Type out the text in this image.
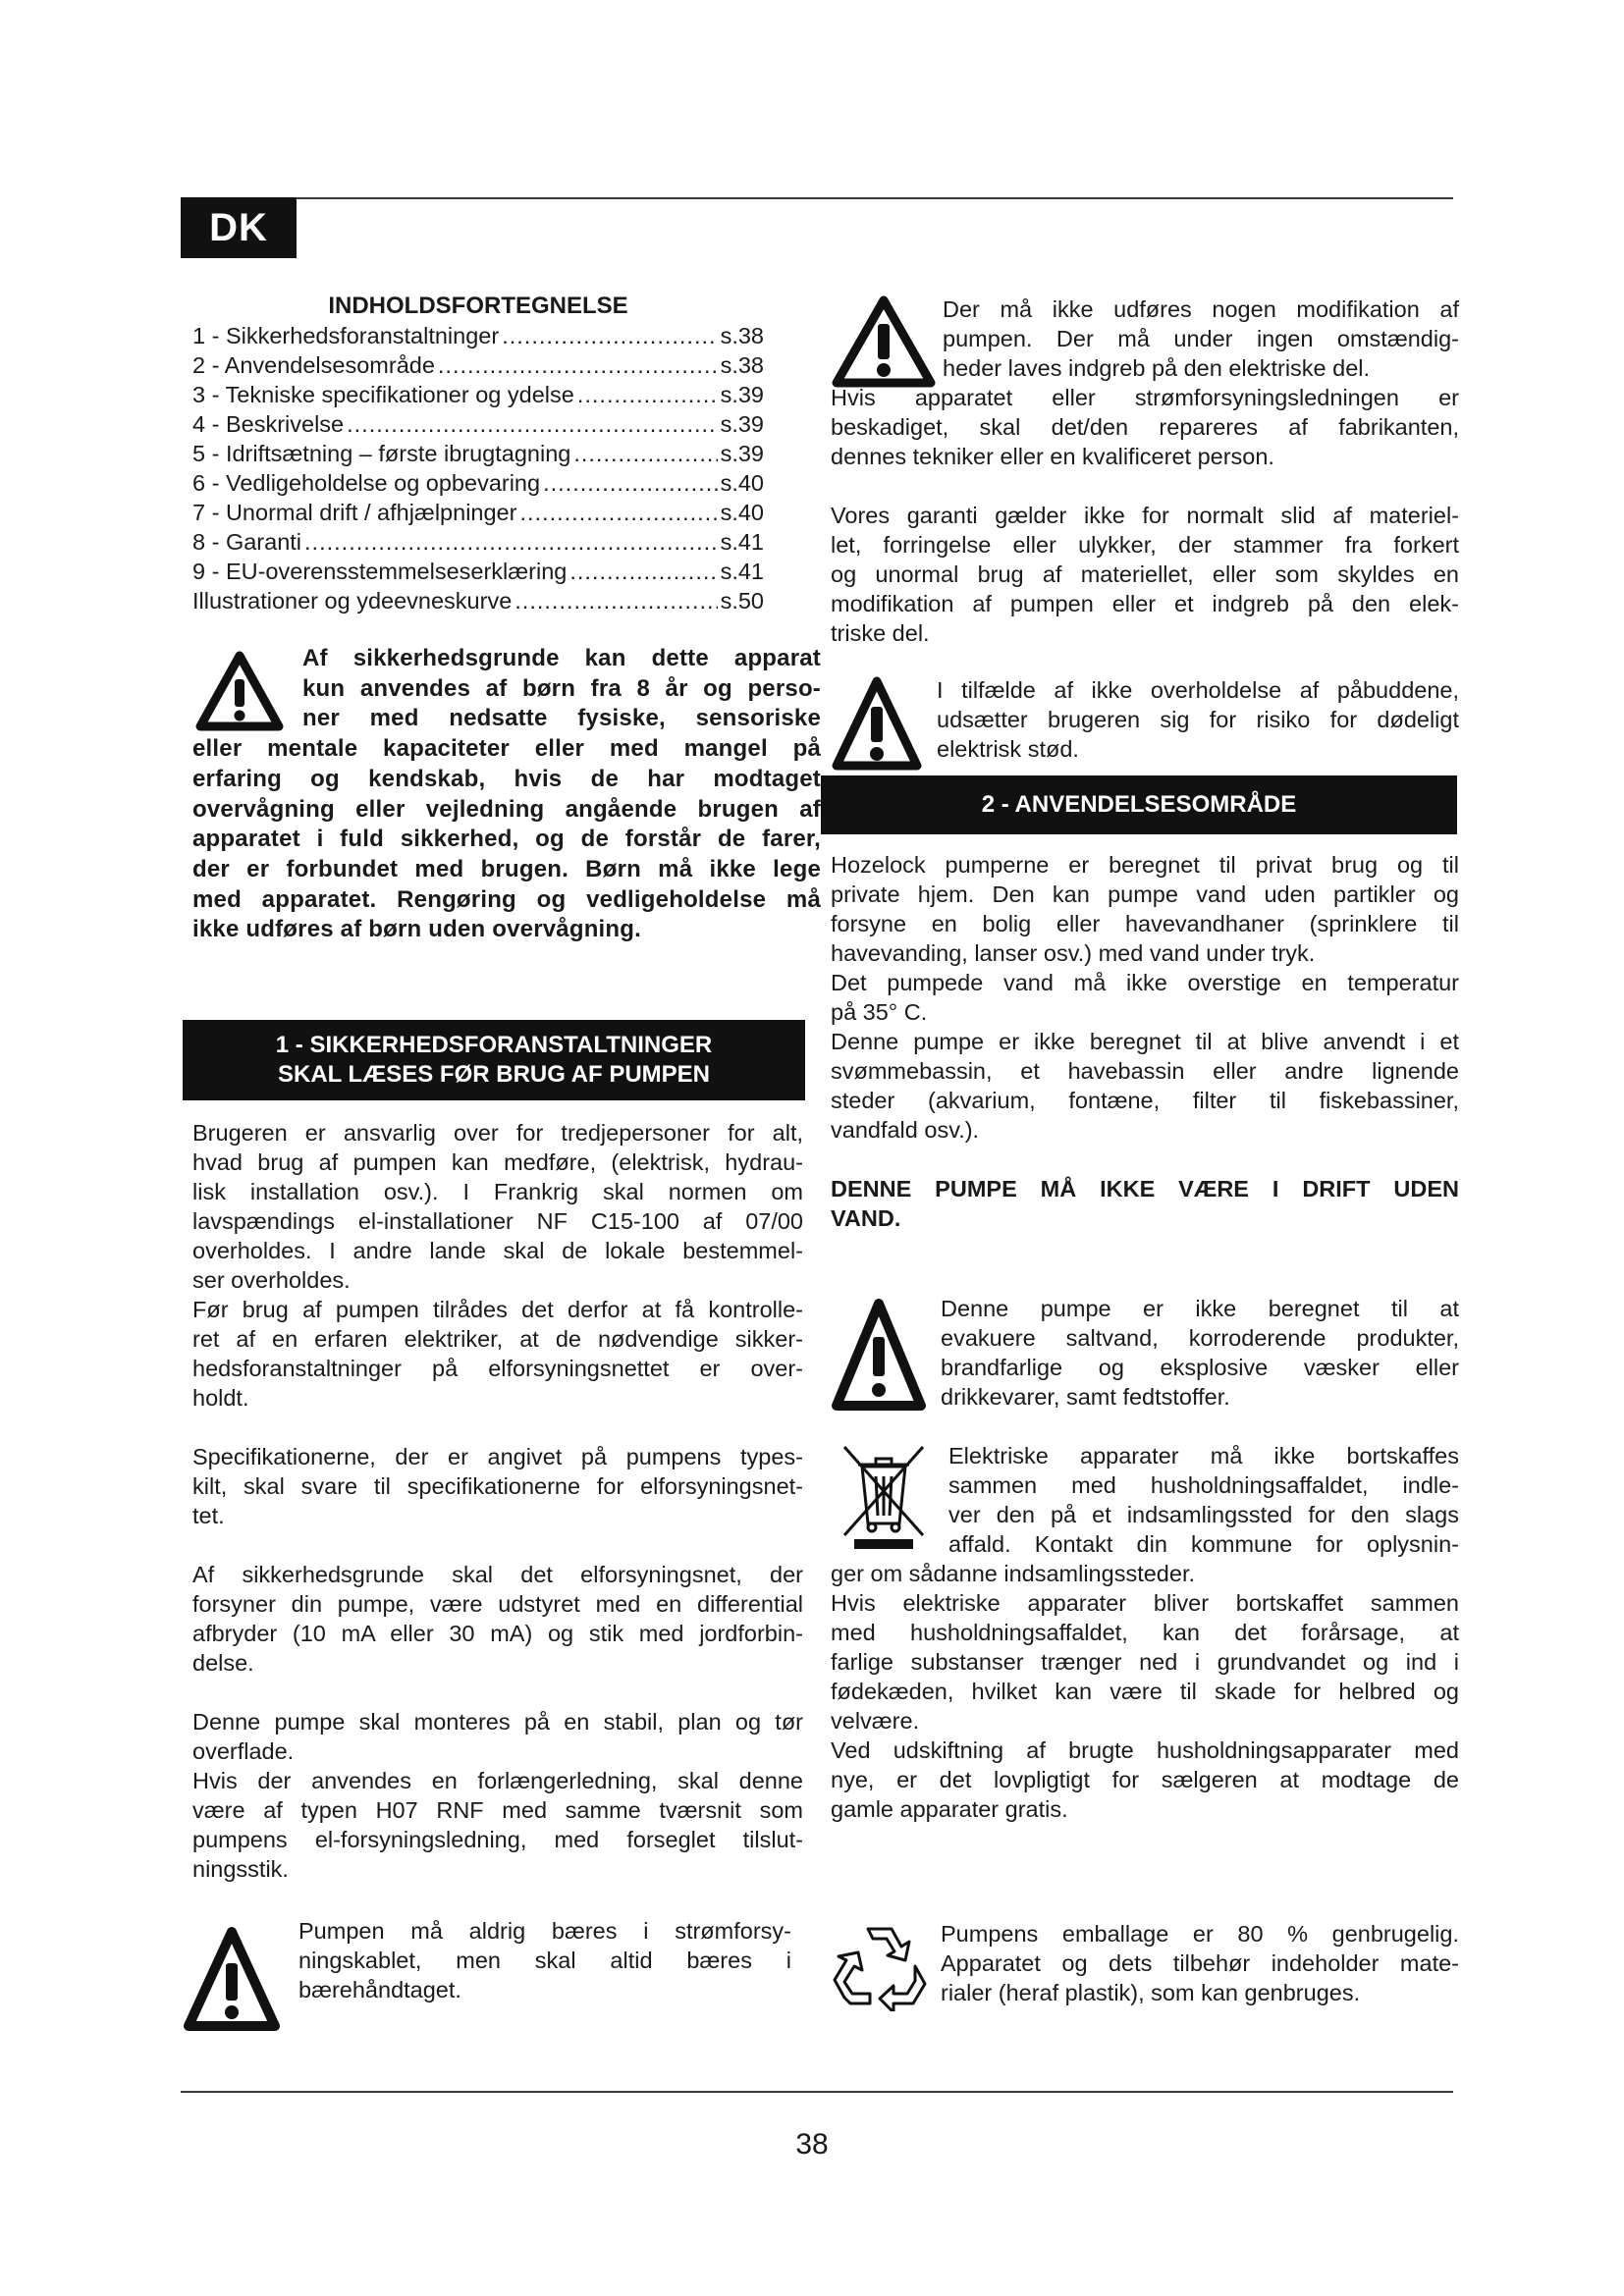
DK
INDHOLDSFORTEGNELSE
1 - Sikkerhedsforanstaltninger .....	s.38
2 - Anvendelsesområde .....	s.38
3 - Tekniske specifikationer og ydelse .....	s.39
4 - Beskrivelse .....	s.39
5 - Idriftsætning – første ibrugtagning .....	s.39
6 - Vedligeholdelse og opbevaring .....	s.40
7 - Unormal drift / afhjælpninger .....	s.40
8 - Garanti .....	s.41
9 - EU-overensstemmelseserklæring .....	s.41
Illustrationer og ydeevneskurve .....	s.50
Af sikkerhedsgrunde kan dette apparat
kun anvendes af børn fra 8 år og perso-
ner med nedsatte fysiske, sensoriske
eller mentale kapaciteter eller med mangel på
erfaring og kendskab, hvis de har modtaget
overvågning eller vejledning angående brugen af
apparatet i fuld sikkerhed, og de forstår de farer,
der er forbundet med brugen. Børn må ikke lege
med apparatet. Rengøring og vedligeholdelse må
ikke udføres af børn uden overvågning.
1 - SIKKERHEDSFORANSTALTNINGER
SKAL LÆSES FØR BRUG AF PUMPEN
Brugeren er ansvarlig over for tredjepersoner for alt,
hvad brug af pumpen kan medføre, (elektrisk, hydrau-
lisk installation osv.). I Frankrig skal normen om
lavspændings el-installationer NF C15-100 af 07/00
overholdes. I andre lande skal de lokale bestemmel-
ser overholdes.
Før brug af pumpen tilrådes det derfor at få kontrolle-
ret af en erfaren elektriker, at de nødvendige sikker-
hedsforanstaltninger på elforsyningsnettet er over-
holdt.
Specifikationerne, der er angivet på pumpens types-
kilt, skal svare til specifikationerne for elforsyningsnet-
tet.
Af sikkerhedsgrunde skal det elforsyningsnet, der
forsyner din pumpe, være udstyret med en differential
afbryder (10 mA eller 30 mA) og stik med jordforbin-
delse.
Denne pumpe skal monteres på en stabil, plan og tør
overflade.
Hvis der anvendes en forlængerledning, skal denne
være af typen H07 RNF med samme tværsnit som
pumpens el-forsyningsledning, med forseglet tilslut-
ningsstik.
Pumpen må aldrig bæres i strømforsy-
ningskablet, men skal altid bæres i
bærehåndtaget.
Der må ikke udføres nogen modifikation af
pumpen. Der må under ingen omstændig-
heder laves indgreb på den elektriske del.
Hvis apparatet eller strømforsyningsledningen er
beskadiget, skal det/den repareres af fabrikanten,
dennes tekniker eller en kvalificeret person.
Vores garanti gælder ikke for normalt slid af materiel-
let, forringelse eller ulykker, der stammer fra forkert
og unormal brug af materiellet, eller som skyldes en
modifikation af pumpen eller et indgreb på den elek-
triske del.
I tilfælde af ikke overholdelse af påbuddene,
udsætter brugeren sig for risiko for dødeligt
elektrisk stød.
2 - ANVENDELSESOMRÅDE
Hozelock pumperne er beregnet til privat brug og til
private hjem. Den kan pumpe vand uden partikler og
forsyne en bolig eller havevandhaner (sprinklere til
havevanding, lanser osv.) med vand under tryk.
Det pumpede vand må ikke overstige en temperatur
på 35° C.
Denne pumpe er ikke beregnet til at blive anvendt i et
svømmebassin, et havebassin eller andre lignende
steder (akvarium, fontæne, filter til fiskebassiner,
vandfald osv.).
DENNE PUMPE MÅ IKKE VÆRE I DRIFT UDEN
VAND.
Denne pumpe er ikke beregnet til at
evakuere saltvand, korroderende produkter,
brandfarlige og eksplosive væsker eller
drikkevarer, samt fedtstoffer.
Elektriske apparater må ikke bortskaffes
sammen med husholdningsaffaldet, indle-
ver den på et indsamlingssted for den slags
affald. Kontakt din kommune for oplysnin-
ger om sådanne indsamlingssteder.
Hvis elektriske apparater bliver bortskaffet sammen
med husholdningsaffaldet, kan det forårsage, at
farlige substanser trænger ned i grundvandet og ind i
fødekæden, hvilket kan være til skade for helbred og
velvære.
Ved udskiftning af brugte husholdningsapparater med
nye, er det lovpligtigt for sælgeren at modtage de
gamle apparater gratis.
Pumpens emballage er 80 % genbrugelig.
Apparatet og dets tilbehør indeholder mate-
rialer (heraf plastik), som kan genbruges.
38
